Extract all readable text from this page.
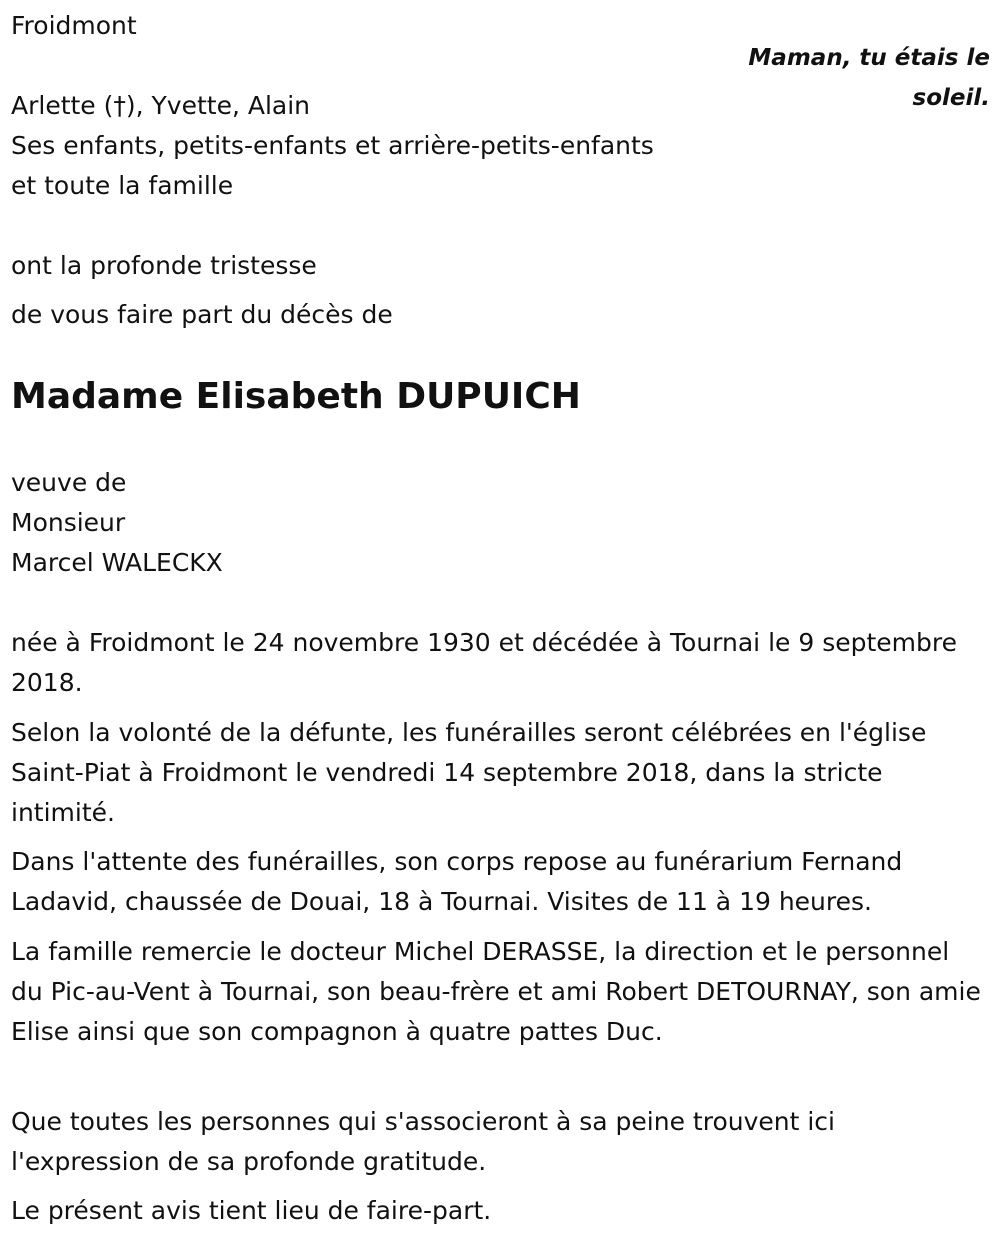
Froidmont

Maman, tu étais le soleil.

Arlette (†), Yvette, Alain

Ses enfants, petits-enfants et arrière-petits-enfants

et toute la famille

ont la profonde tristesse

de vous faire part du décès de

Madame Elisabeth DUPUICH

veuve de

Monsieur

Marcel WALECKX

née à Froidmont le 24 novembre 1930 et décédée à Tournai le 9 septembre 2018.

Selon la volonté de la défunte, les funérailles seront célébrées en l'église Saint-Piat à Froidmont le vendredi 14 septembre 2018, dans la stricte intimité.

Dans l'attente des funérailles, son corps repose au funérarium Fernand Ladavid, chaussée de Douai, 18 à Tournai. Visites de 11 à 19 heures.

La famille remercie le docteur Michel DERASSE, la direction et le personnel du Pic-au-Vent à Tournai, son beau-frère et ami Robert DETOURNAY, son amie Elise ainsi que son compagnon à quatre pattes Duc.

Que toutes les personnes qui s'associeront à sa peine trouvent ici l'expression de sa profonde gratitude.

Le présent avis tient lieu de faire-part.
